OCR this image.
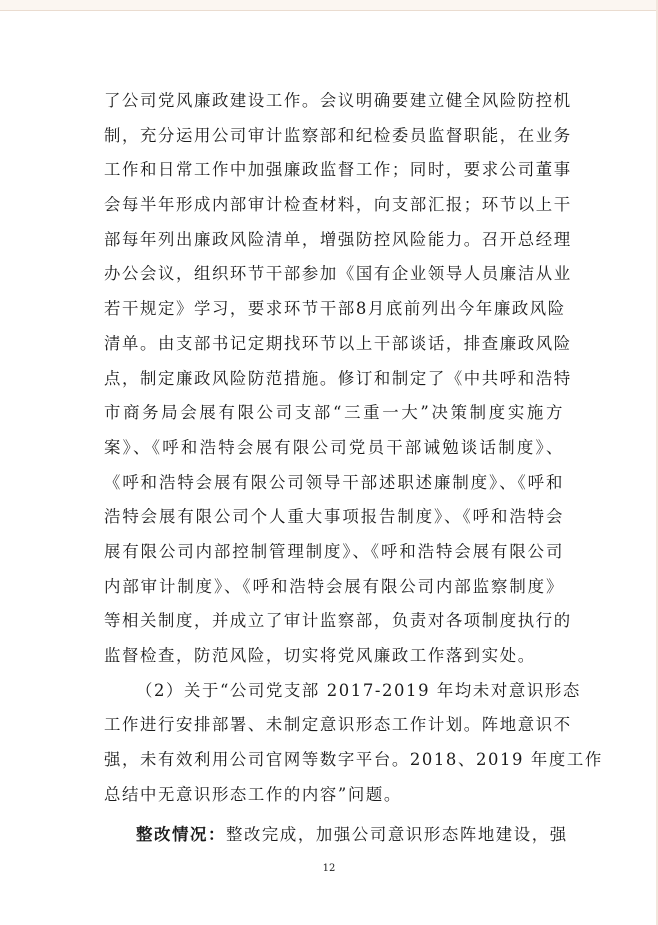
了公司党风廉政建设工作。会议明确要建立健全风险防控机
制，充分运用公司审计监察部和纪检委员监督职能，在业务
工作和日常工作中加强廉政监督工作；同时，要求公司董事
会每半年形成内部审计检查材料，向支部汇报；环节以上干
部每年列出廉政风险清单，增强防控风险能力。召开总经理
办公会议，组织环节干部参加《国有企业领导人员廉洁从业
若干规定》学习，要求环节干部8月底前列出今年廉政风险
清单。由支部书记定期找环节以上干部谈话，排查廉政风险
点，制定廉政风险防范措施。修订和制定了《中共呼和浩特
市商务局会展有限公司支部“三重一大”决策制度实施方
案》、《呼和浩特会展有限公司党员干部诫勉谈话制度》、
《呼和浩特会展有限公司领导干部述职述廉制度》、《呼和
浩特会展有限公司个人重大事项报告制度》、《呼和浩特会
展有限公司内部控制管理制度》、《呼和浩特会展有限公司
内部审计制度》、《呼和浩特会展有限公司内部监察制度》
等相关制度，并成立了审计监察部，负责对各项制度执行的
监督检查，防范风险，切实将党风廉政工作落到实处。
（2）关于“公司党支部 2017-2019 年均未对意识形态
工作进行安排部署、未制定意识形态工作计划。阵地意识不
强，未有效利用公司官网等数字平台。2018、2019 年度工作
总结中无意识形态工作的内容”问题。
整改情况：整改完成，加强公司意识形态阵地建设，强
12
